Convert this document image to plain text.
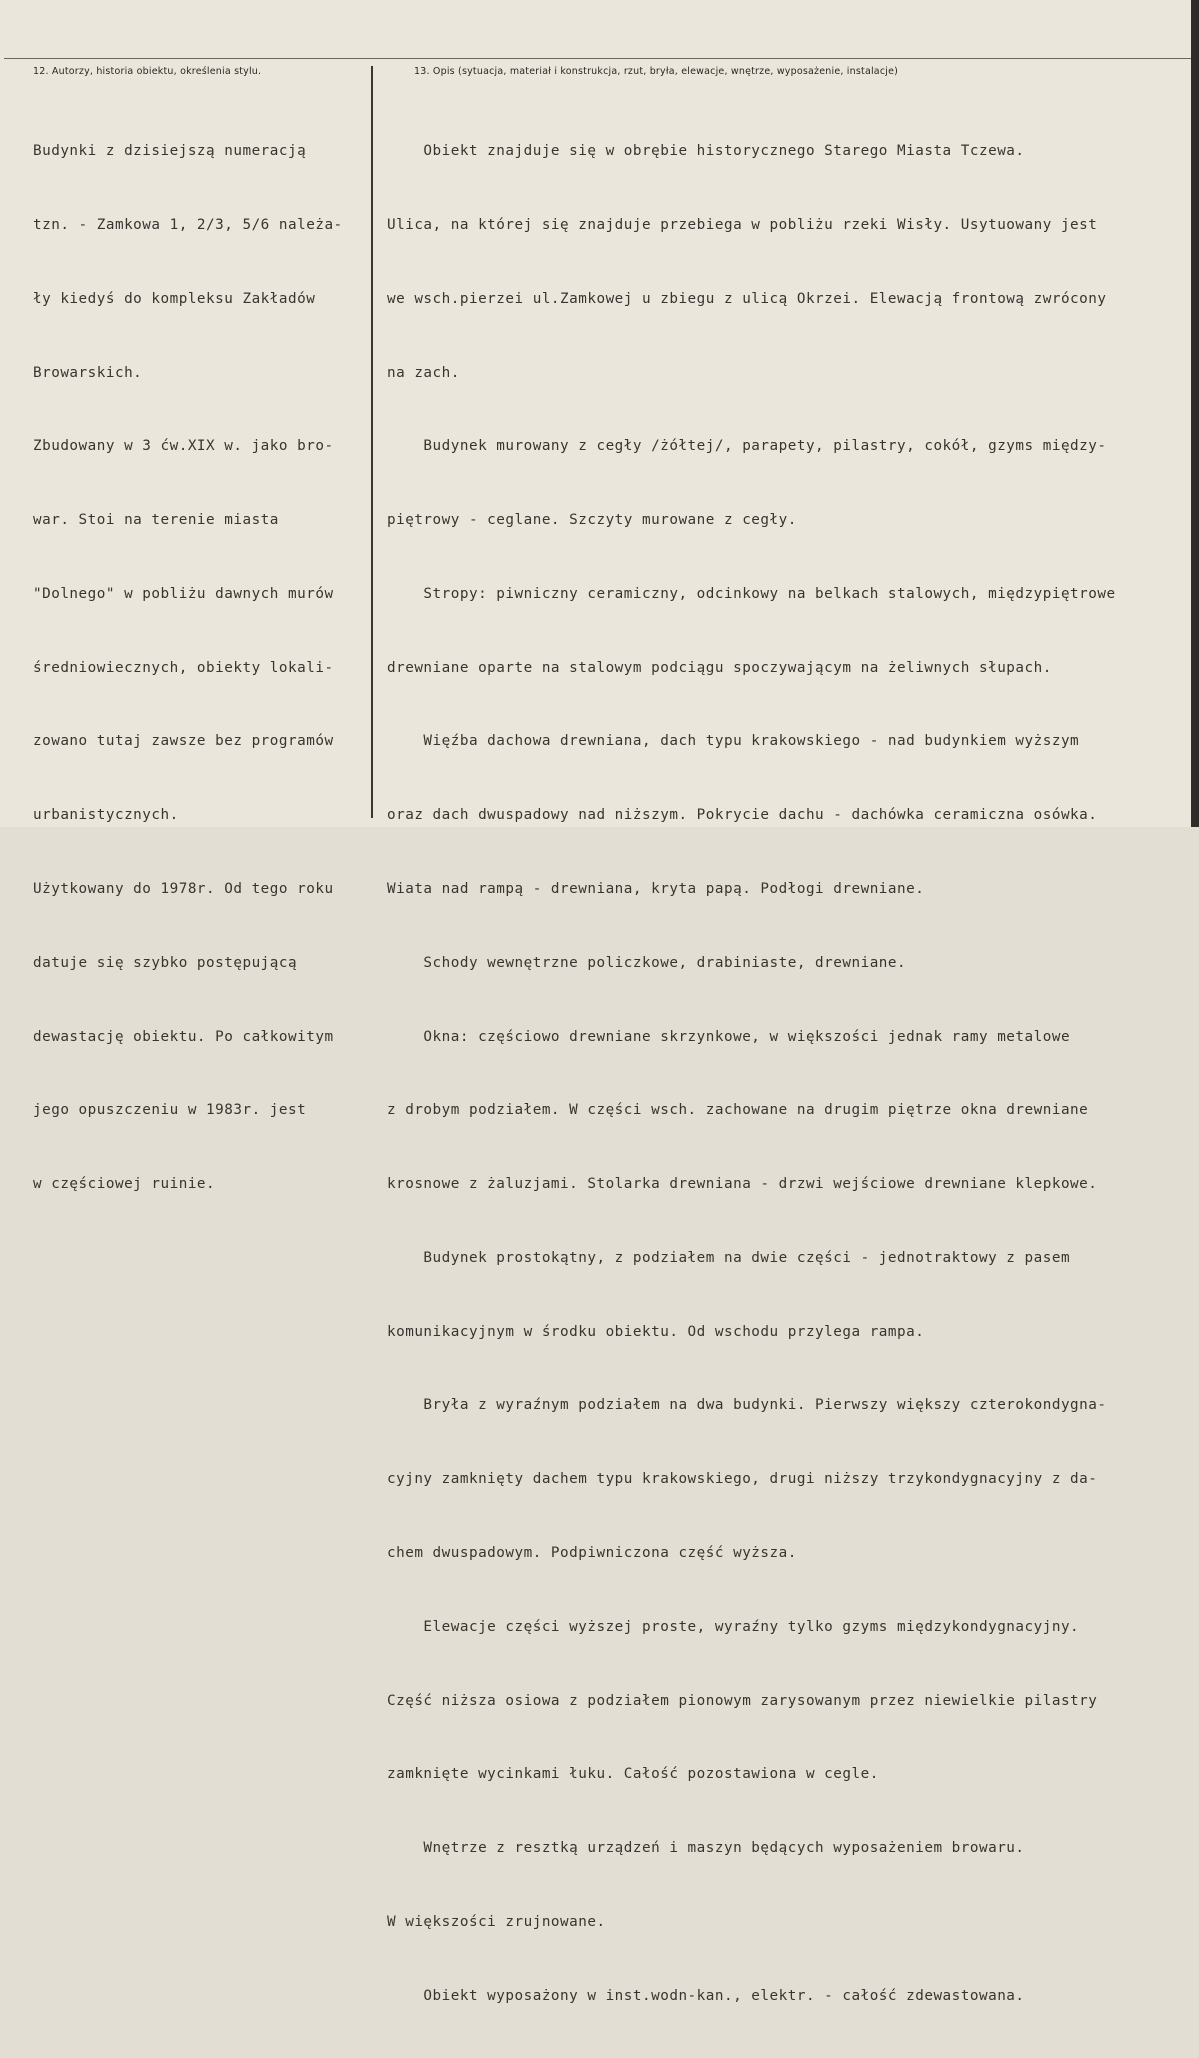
12. Autorzy, historia obiektu, określenia stylu.	13. Opis (sytuacja, materiał i konstrukcja, rzut, bryła, elewacje, wnętrze, wyposażenie, instalacje)

Budynki z dzisiejszą numeracją

tzn. - Zamkowa 1, 2/3, 5/6 należa-

ły kiedyś do kompleksu Zakładów

Browarskich.

Zbudowany w 3 ćw.XIX w. jako bro-

war. Stoi na terenie miasta

"Dolnego" w pobliżu dawnych murów

średniowiecznych, obiekty lokali-

zowano tutaj zawsze bez programów

urbanistycznych.

Użytkowany do 1978r. Od tego roku

datuje się szybko postępującą

dewastację obiektu. Po całkowitym

jego opuszczeniu w 1983r. jest

w częściowej ruinie.

Obiekt znajduje się w obrębie historycznego Starego Miasta Tczewa.

Ulica, na której się znajduje przebiega w pobliżu rzeki Wisły. Usytuowany jest

we wsch.pierzei ul.Zamkowej u zbiegu z ulicą Okrzei. Elewacją frontową zwrócony

na zach.

Budynek murowany z cegły /żółtej/, parapety, pilastry, cokół, gzyms między-

piętrowy - ceglane. Szczyty murowane z cegły.

Stropy: piwniczny ceramiczny, odcinkowy na belkach stalowych, międzypiętrowe

drewniane oparte na stalowym podciągu spoczywającym na żeliwnych słupach.

Więźba dachowa drewniana, dach typu krakowskiego - nad budynkiem wyższym

oraz dach dwuspadowy nad niższym. Pokrycie dachu - dachówka ceramiczna osówka.

Wiata nad rampą - drewniana, kryta papą. Podłogi drewniane.

Schody wewnętrzne policzkowe, drabiniaste, drewniane.

Okna: częściowo drewniane skrzynkowe, w większości jednak ramy metalowe

z drobym podziałem. W części wsch. zachowane na drugim piętrze okna drewniane

krosnowe z żaluzjami. Stolarka drewniana - drzwi wejściowe drewniane klepkowe.

Budynek prostokątny, z podziałem na dwie części - jednotraktowy z pasem

komunikacyjnym w środku obiektu. Od wschodu przylega rampa.

Bryła z wyraźnym podziałem na dwa budynki. Pierwszy większy czterokondygna-

cyjny zamknięty dachem typu krakowskiego, drugi niższy trzykondygnacyjny z da-

chem dwuspadowym. Podpiwniczona część wyższa.

Elewacje części wyższej proste, wyraźny tylko gzyms międzykondygnacyjny.

Część niższa osiowa z podziałem pionowym zarysowanym przez niewielkie pilastry

zamknięte wycinkami łuku. Całość pozostawiona w cegle.

Wnętrze z resztką urządzeń i maszyn będących wyposażeniem browaru.

W większości zrujnowane.

Obiekt wyposażony w inst.wodn-kan., elektr. - całość zdewastowana.
